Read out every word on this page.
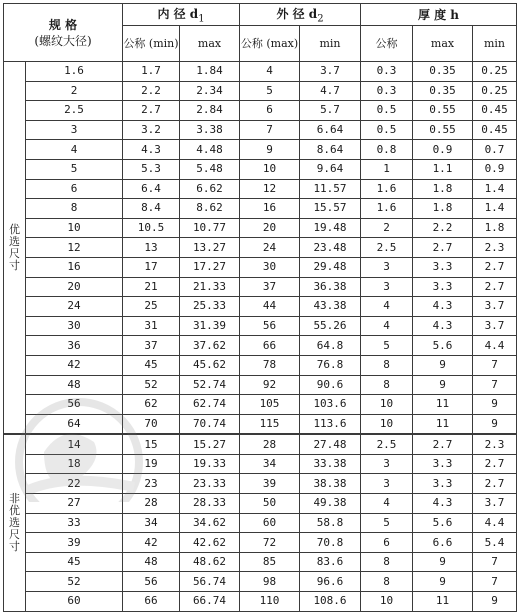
规 格
(螺纹大径)		内 径 $d_1$		外 径 $d_2$		厚 度 h		
		公称 (min)	max	公称 (max)	min	公称	max	min

优
选
尺
寸	1.6	1.7	1.84	4	3.7	0.3	0.35	0.25
	2	2.2	2.34	5	4.7	0.3	0.35	0.25
	2.5	2.7	2.84	6	5.7	0.5	0.55	0.45
	3	3.2	3.38	7	6.64	0.5	0.55	0.45
	4	4.3	4.48	9	8.64	0.8	0.9	0.7
	5	5.3	5.48	10	9.64	1	1.1	0.9
	6	6.4	6.62	12	11.57	1.6	1.8	1.4
	8	8.4	8.62	16	15.57	1.6	1.8	1.4
	10	10.5	10.77	20	19.48	2	2.2	1.8
	12	13	13.27	24	23.48	2.5	2.7	2.3
	16	17	17.27	30	29.48	3	3.3	2.7
	20	21	21.33	37	36.38	3	3.3	2.7
	24	25	25.33	44	43.38	4	4.3	3.7
	30	31	31.39	56	55.26	4	4.3	3.7
	36	37	37.62	66	64.8	5	5.6	4.4
	42	45	45.62	78	76.8	8	9	7
	48	52	52.74	92	90.6	8	9	7
	56	62	62.74	105	103.6	10	11	9
	64	70	70.74	115	113.6	10	11	9

非
优
选
尺
寸	14	15	15.27	28	27.48	2.5	2.7	2.3
	18	19	19.33	34	33.38	3	3.3	2.7
	22	23	23.33	39	38.38	3	3.3	2.7
	27	28	28.33	50	49.38	4	4.3	3.7
	33	34	34.62	60	58.8	5	5.6	4.4
	39	42	42.62	72	70.8	6	6.6	5.4
	45	48	48.62	85	83.6	8	9	7
	52	56	56.74	98	96.6	8	9	7
	60	66	66.74	110	108.6	10	11	9
